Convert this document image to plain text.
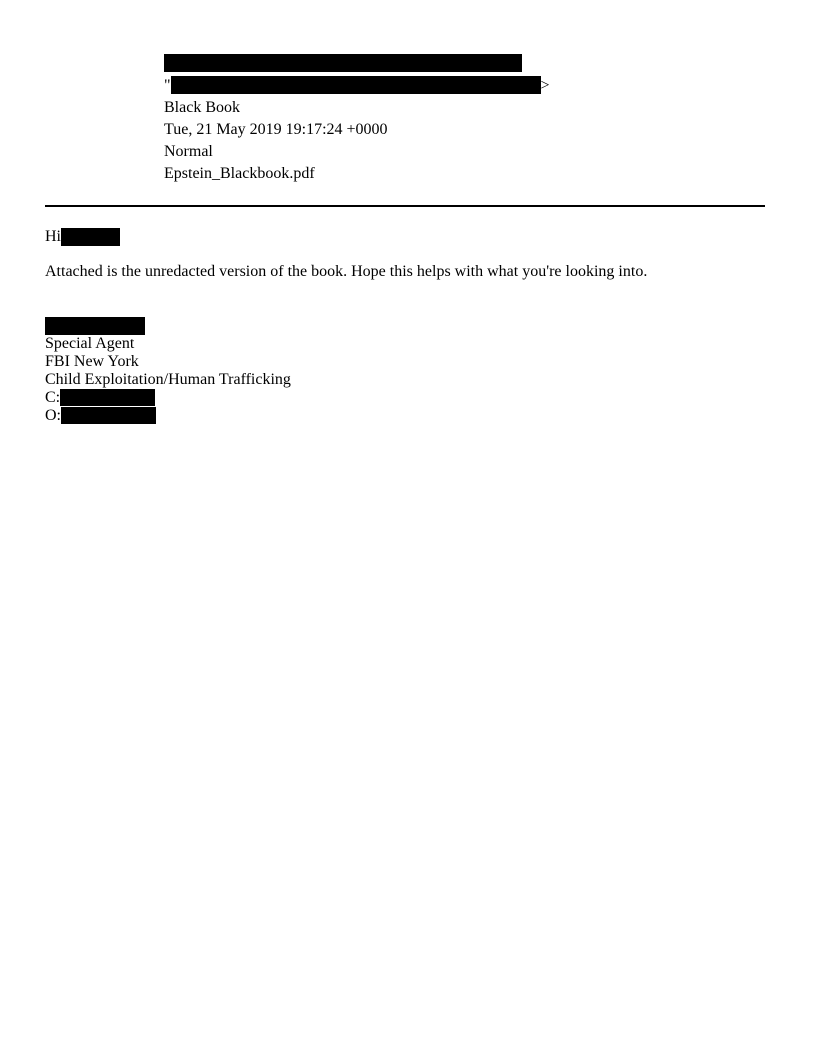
"	>
Black Book
Tue, 21 May 2019 19:17:24 +0000
Normal
Epstein_Blackbook.pdf
Hi
Attached is the unredacted version of the book. Hope this helps with what you're looking into.
Special Agent
FBI New York
Child Exploitation/Human Trafficking
C:
O:
